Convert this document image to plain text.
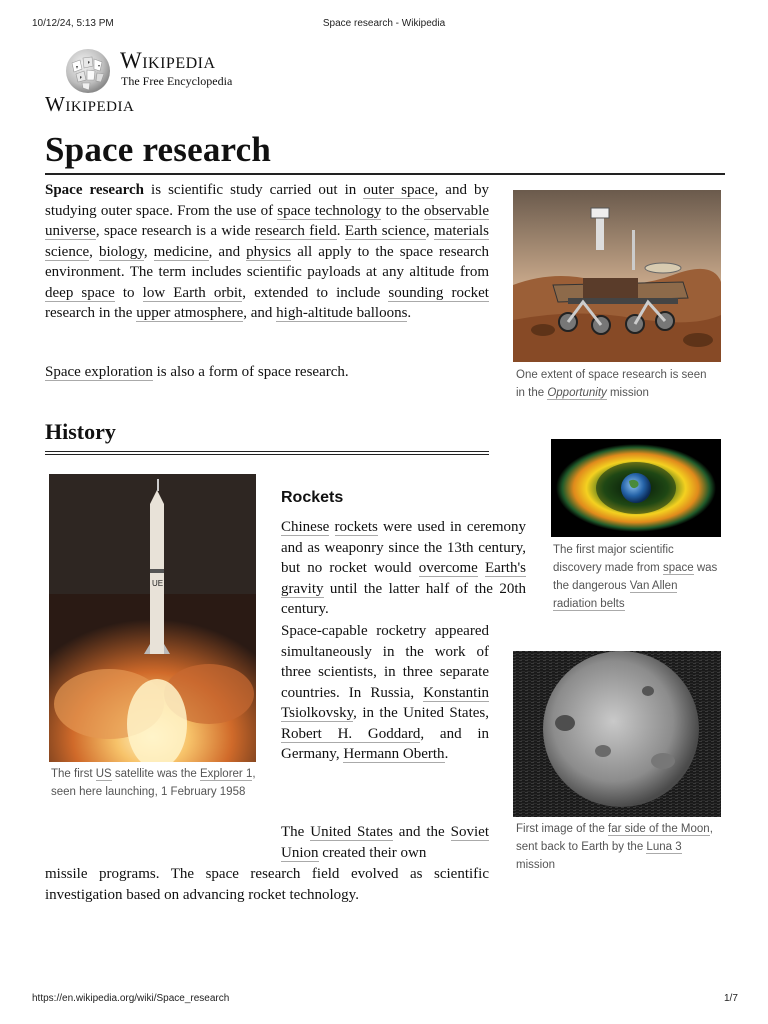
10/12/24, 5:13 PM	Space research - Wikipedia
https://en.wikipedia.org/wiki/Space_research	1/7
Wikipedia
The Free Encyclopedia
Wikipedia
Space research
Space research is scientific study carried out in outer space, and by studying outer space. From the use of space technology to the observable universe, space research is a wide research field. Earth science, materials science, biology, medicine, and physics all apply to the space research environment. The term includes scientific payloads at any altitude from deep space to low Earth orbit, extended to include sounding rocket research in the upper atmosphere, and high-altitude balloons.
Space exploration is also a form of space research.	One extent of space research is seen in the Opportunity mission
History
The first major scientific discovery made from space was the dangerous Van Allen radiation belts
UE
The first US satellite was the Explorer 1, seen here launching, 1 February 1958
Rockets
First image of the far side of the Moon, sent back to Earth by the Luna 3 mission
Chinese rockets were used in ceremony and as weaponry since the 13th century, but no rocket would overcome Earth's gravity until the latter half of the 20th century.
Space-capable rocketry appeared simultaneously in the work of three scientists, in three separate countries. In Russia, Konstantin Tsiolkovsky, in the United States, Robert H. Goddard, and in Germany, Hermann Oberth.
The United States and the Soviet Union created their own
missile programs. The space research field evolved as scientific investigation based on advancing rocket technology.
